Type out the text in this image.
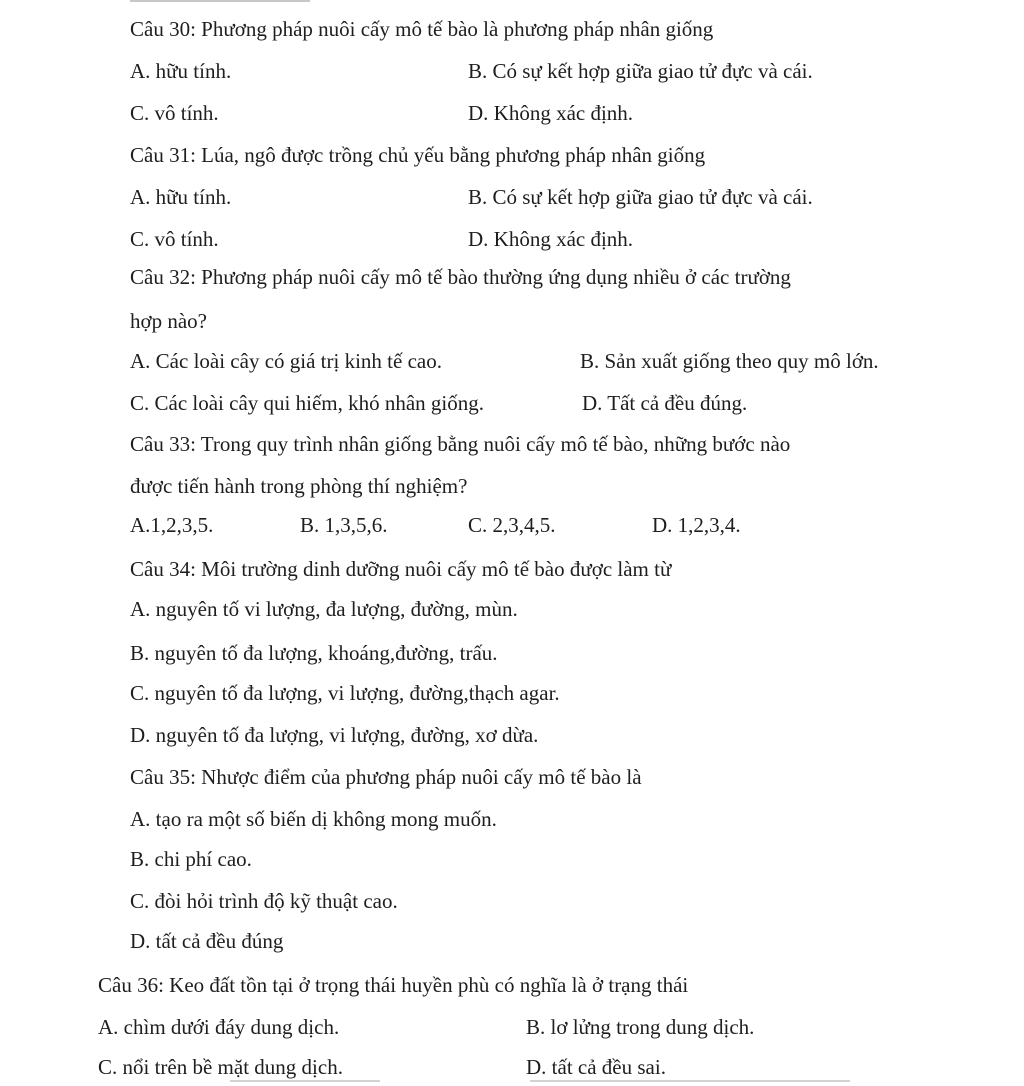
Câu 30: Phương pháp nuôi cấy mô tế bào là phương pháp nhân giống
A. hữu tính.	B. Có sự kết hợp giữa giao tử đực và cái.
C. vô tính.	D. Không xác định.
Câu 31: Lúa, ngô được trồng chủ yếu bằng phương pháp nhân giống
A. hữu tính.	B. Có sự kết hợp giữa giao tử đực và cái.
C. vô tính.	D. Không xác định.
Câu 32: Phương pháp nuôi cấy mô tế bào thường ứng dụng nhiều ở các trường
hợp nào?
A. Các loài cây có giá trị kinh tế cao.	B. Sản xuất giống theo quy mô lớn.
C. Các loài cây qui hiếm, khó nhân giống.	D. Tất cả đều đúng.
Câu 33: Trong quy trình nhân giống bằng nuôi cấy mô tế bào, những bước nào
được tiến hành trong phòng thí nghiệm?
A.1,2,3,5.	B. 1,3,5,6.	C. 2,3,4,5.	D. 1,2,3,4.
Câu 34: Môi trường dinh dưỡng nuôi cấy mô tế bào được làm từ
A. nguyên tố vi lượng, đa lượng, đường, mùn.
B. nguyên tố đa lượng, khoáng,đường, trấu.
C. nguyên tố đa lượng, vi lượng, đường,thạch agar.
D. nguyên tố đa lượng, vi lượng, đường, xơ dừa.
Câu 35: Nhược điểm của phương pháp nuôi cấy mô tế bào là
A. tạo ra một số biến dị không mong muốn.
B. chi phí cao.
C. đòi hỏi trình độ kỹ thuật cao.
D. tất cả đều đúng
Câu 36: Keo đất tồn tại ở trọng thái huyền phù có nghĩa là ở trạng thái
A. chìm dưới đáy dung dịch.	B. lơ lửng trong dung dịch.
C. nổi trên bề mặt dung dịch.	D. tất cả đều sai.
